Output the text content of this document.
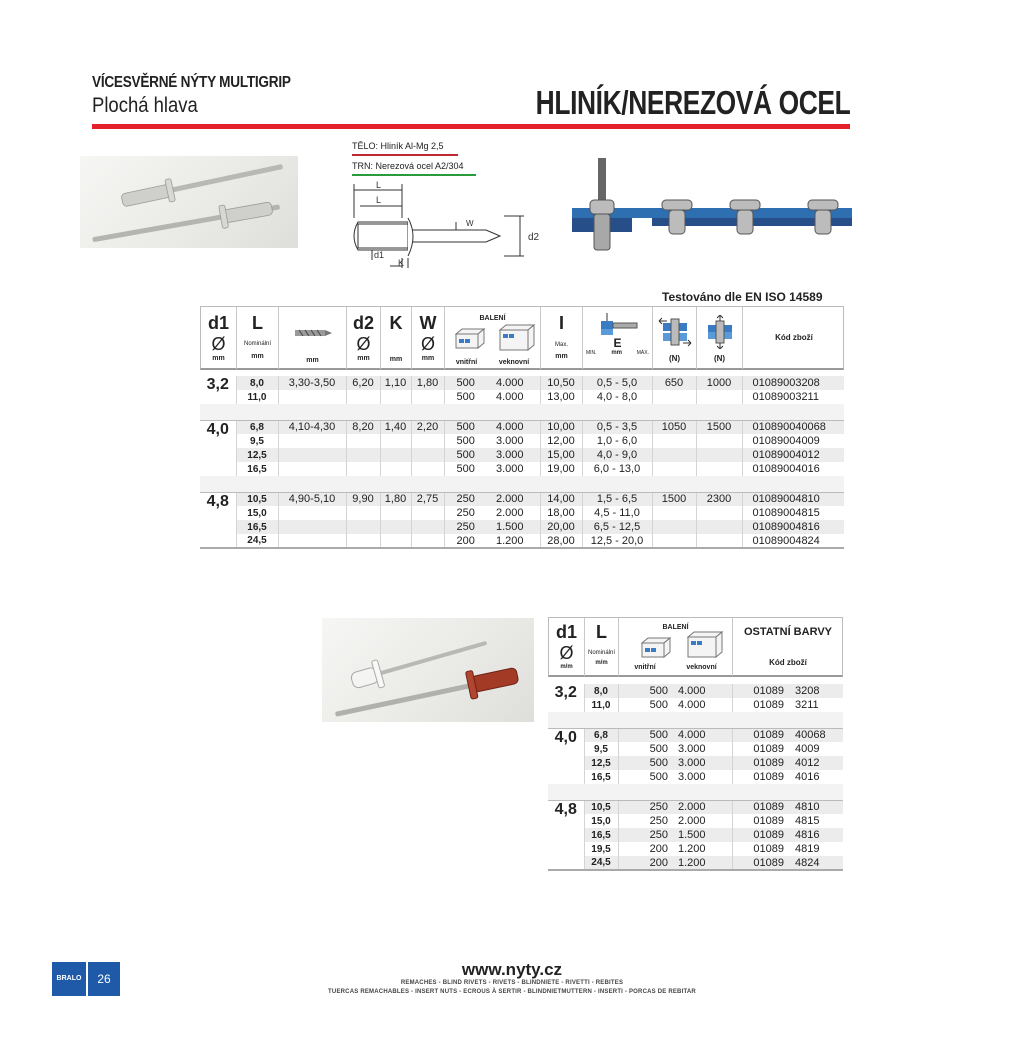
VÍCESVĚRNÉ NÝTY MULTIGRIP
Plochá hlava	HLINÍK/NEREZOVÁ OCEL
TĚLO: Hliník Al-Mg 2,5
TRN: Nerezová ocel A2/304
L
L
W
d2
d1
K
Testováno dle EN ISO 14589
d1
Ø
mm
L
Nominální
mm
mm
d2
Ø
mm
K
mm
W
Ø
mm
BALENÍ
vnitřní	veknovní
I
Max.
mm
E
MIN. mm	MÁX.
(N)	(N)
Kód zboží
3,2	8,0	3,30-3,50	6,20	1,10	1,80	500	4.000	10,50	0,5 - 5,0	650	1000	01089003208
	11,0					500	4.000	13,00	4,0 - 8,0			01089003211

4,0	6,8	4,10-4,30	8,20	1,40	2,20	500	4.000	10,00	0,5 - 3,5	1050	1500	010890040068
	9,5					500	3.000	12,00	1,0 - 6,0			01089004009
	12,5					500	3.000	15,00	4,0 - 9,0			01089004012
	16,5					500	3.000	19,00	6,0 - 13,0			01089004016

4,8	10,5	4,90-5,10	9,90	1,80	2,75	250	2.000	14,00	1,5 - 6,5	1500	2300	01089004810
	15,0					250	2.000	18,00	4,5 - 11,0			01089004815
	16,5					250	1.500	20,00	6,5 - 12,5			01089004816
	24,5					200	1.200	28,00	12,5 - 20,0			01089004824

d1
Ø
m/m
L
Nominální
m/m
BALENÍ
vnitřní	veknovní
OSTATNÍ BARVY
Kód zboží
3,2	8,0	500	4.000	01089	3208
	11,0	500	4.000	01089	3211

4,0	6,8	500	4.000	01089	40068
	9,5	500	3.000	01089	4009
	12,5	500	3.000	01089	4012
	16,5	500	3.000	01089	4016

4,8	10,5	250	2.000	01089	4810
	15,0	250	2.000	01089	4815
	16,5	250	1.500	01089	4816
	19,5	200	1.200	01089	4819
	24,5	200	1.200	01089	4824

BRALO	26	www.nyty.cz
REMACHES - BLIND RIVETS - RIVETS - BLINDNIETE - RIVETTI - REBITES
TUERCAS REMACHABLES - INSERT NUTS - ECROUS À SERTIR - BLINDNIETMUTTERN - INSERTI - PORCAS DE REBITAR
